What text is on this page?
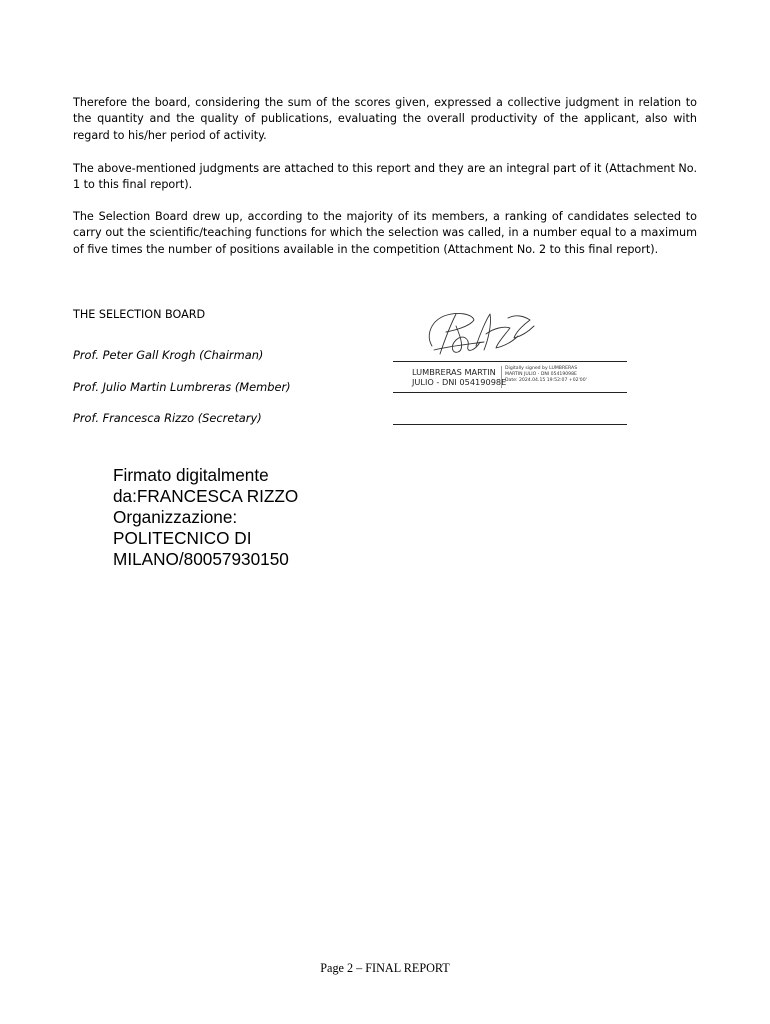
Therefore the board, considering the sum of the scores given, expressed a collective judgment in relation to the quantity and the quality of publications, evaluating the overall productivity of the applicant, also with regard to his/her period of activity.

The above-mentioned judgments are attached to this report and they are an integral part of it (Attachment No. 1 to this final report).

The Selection Board drew up, according to the majority of its members, a ranking of candidates selected to carry out the scientific/teaching functions for which the selection was called, in a number equal to a maximum of five times the number of positions available in the competition (Attachment No. 2 to this final report).

THE SELECTION BOARD

Prof. Peter Gall Krogh (Chairman)

Prof. Julio Martin Lumbreras (Member)

Prof. Francesca Rizzo (Secretary)

LUMBRERAS MARTIN
JULIO - DNI 05419098E
Digitally signed by LUMBRERAS
MARTIN JULIO - DNI 05419098E
Date: 2024.04.15 19:52:07 +02'00'
Firmato digitalmente
da:FRANCESCA RIZZO
Organizzazione:
POLITECNICO DI
MILANO/80057930150

Page 2 – FINAL REPORT
